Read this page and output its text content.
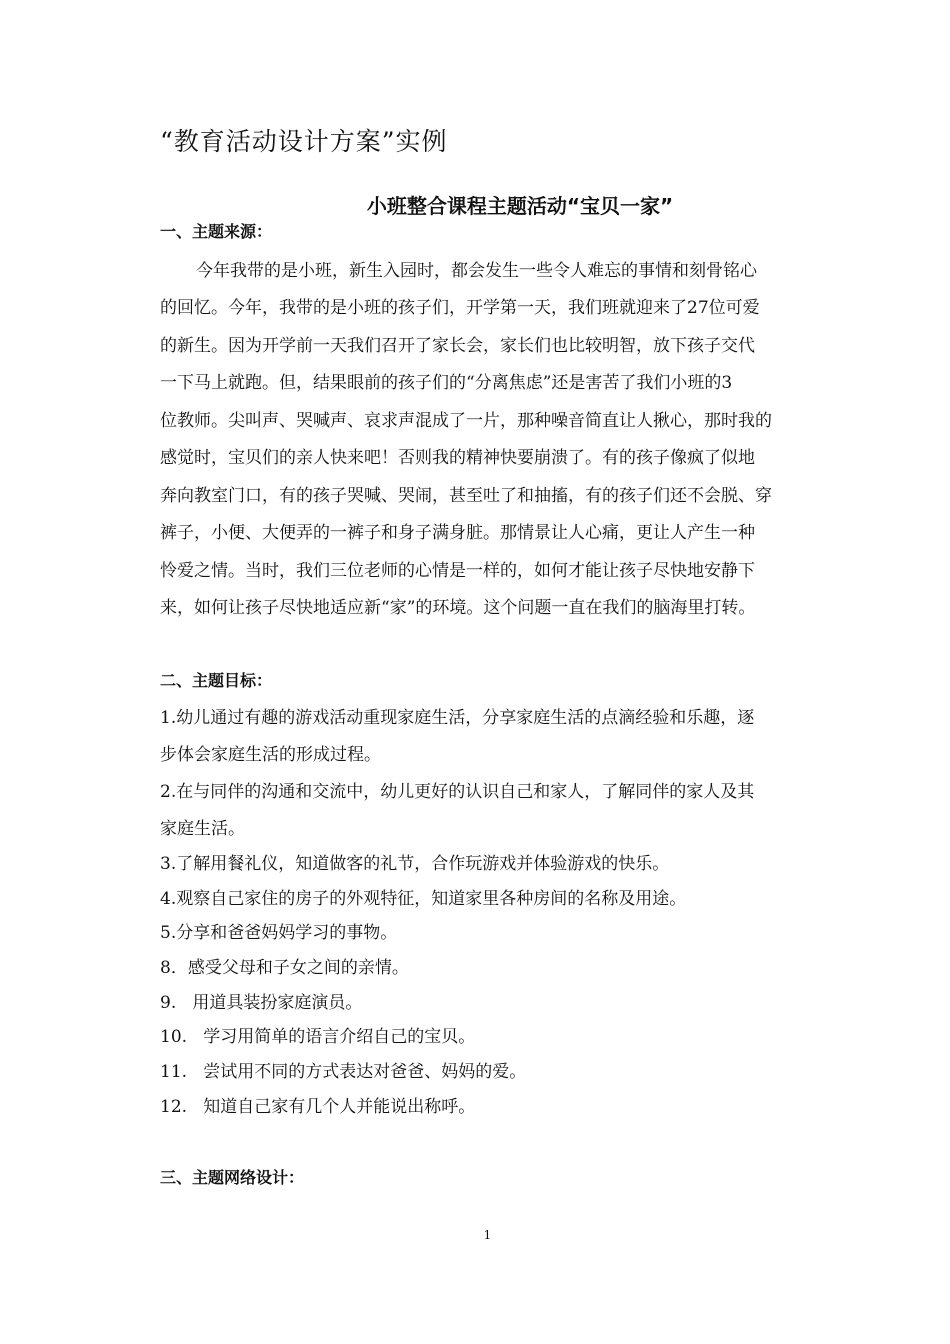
“教育活动设计方案”实例
小班整合课程主题活动“宝贝一家”
一、主题来源：
今年我带的是小班，新生入园时，都会发生一些令人难忘的事情和刻骨铭心
的回忆。今年，我带的是小班的孩子们，开学第一天，我们班就迎来了27位可爱
的新生。因为开学前一天我们召开了家长会，家长们也比较明智，放下孩子交代
一下马上就跑。但，结果眼前的孩子们的“分离焦虑”还是害苦了我们小班的3
位教师。尖叫声、哭喊声、哀求声混成了一片，那种噪音简直让人揪心，那时我的
感觉时，宝贝们的亲人快来吧！否则我的精神快要崩溃了。有的孩子像疯了似地
奔向教室门口，有的孩子哭喊、哭闹，甚至吐了和抽搐，有的孩子们还不会脱、穿
裤子，小便、大便弄的一裤子和身子满身脏。那情景让人心痛，更让人产生一种
怜爱之情。当时，我们三位老师的心情是一样的，如何才能让孩子尽快地安静下
来，如何让孩子尽快地适应新“家”的环境。这个问题一直在我们的脑海里打转。
二、主题目标：
1.幼儿通过有趣的游戏活动重现家庭生活，分享家庭生活的点滴经验和乐趣，逐
步体会家庭生活的形成过程。
2.在与同伴的沟通和交流中，幼儿更好的认识自己和家人，了解同伴的家人及其
家庭生活。
3.了解用餐礼仪，知道做客的礼节，合作玩游戏并体验游戏的快乐。
4.观察自己家住的房子的外观特征，知道家里各种房间的名称及用途。
5.分享和爸爸妈妈学习的事物。
8．感受父母和子女之间的亲情。
9.   用道具装扮家庭演员。
10.   学习用简单的语言介绍自己的宝贝。
11.   尝试用不同的方式表达对爸爸、妈妈的爱。
12.   知道自己家有几个人并能说出称呼。
三、主题网络设计：
1
